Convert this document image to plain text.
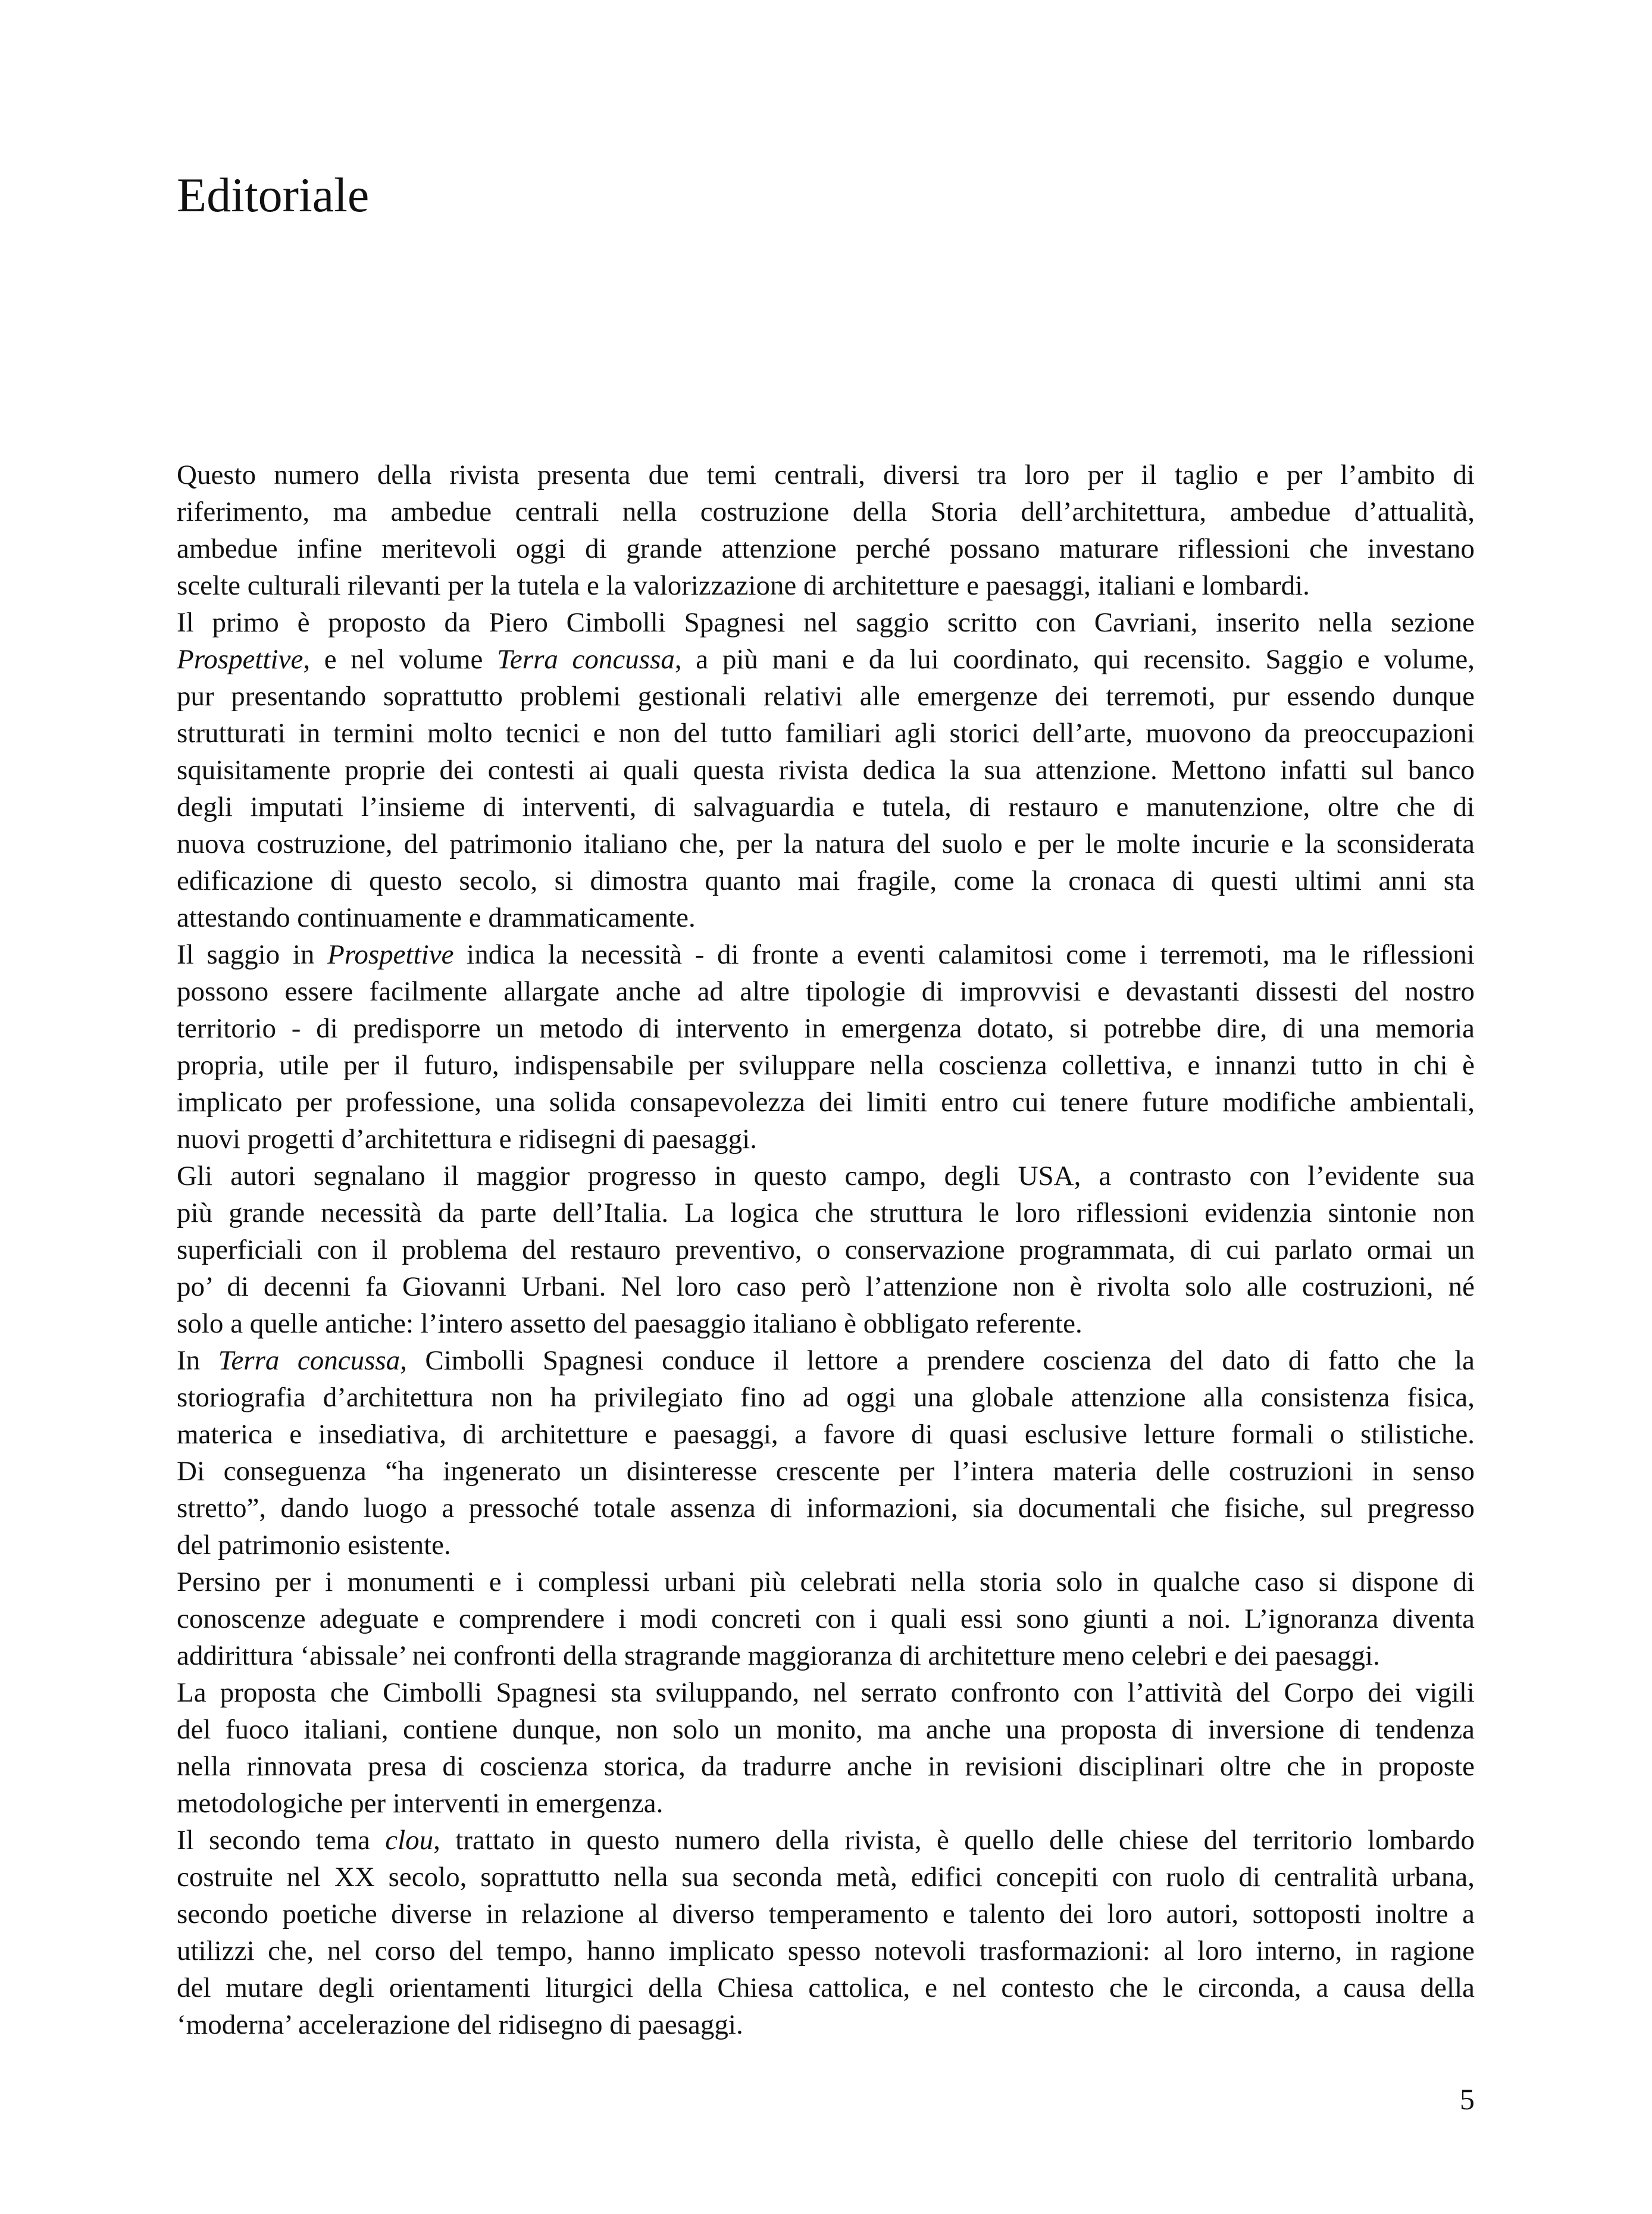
Editoriale
Questo numero della rivista presenta due temi centrali, diversi tra loro per il taglio e per l’ambito di
riferimento, ma ambedue centrali nella costruzione della Storia dell’architettura, ambedue d’attualità,
ambedue infine meritevoli oggi di grande attenzione perché possano maturare riflessioni che investano
scelte culturali rilevanti per la tutela e la valorizzazione di architetture e paesaggi, italiani e lombardi.
Il primo è proposto da Piero Cimbolli Spagnesi nel saggio scritto con Cavriani, inserito nella sezione
Prospettive, e nel volume Terra concussa, a più mani e da lui coordinato, qui recensito. Saggio e volume,
pur presentando soprattutto problemi gestionali relativi alle emergenze dei terremoti, pur essendo dunque
strutturati in termini molto tecnici e non del tutto familiari agli storici dell’arte, muovono da preoccupazioni
squisitamente proprie dei contesti ai quali questa rivista dedica la sua attenzione. Mettono infatti sul banco
degli imputati l’insieme di interventi, di salvaguardia e tutela, di restauro e manutenzione, oltre che di
nuova costruzione, del patrimonio italiano che, per la natura del suolo e per le molte incurie e la sconsiderata
edificazione di questo secolo, si dimostra quanto mai fragile, come la cronaca di questi ultimi anni sta
attestando continuamente e drammaticamente.
Il saggio in Prospettive indica la necessità - di fronte a eventi calamitosi come i terremoti, ma le riflessioni
possono essere facilmente allargate anche ad altre tipologie di improvvisi e devastanti dissesti del nostro
territorio - di predisporre un metodo di intervento in emergenza dotato, si potrebbe dire, di una memoria
propria, utile per il futuro, indispensabile per sviluppare nella coscienza collettiva, e innanzi tutto in chi è
implicato per professione, una solida consapevolezza dei limiti entro cui tenere future modifiche ambientali,
nuovi progetti d’architettura e ridisegni di paesaggi.
Gli autori segnalano il maggior progresso in questo campo, degli USA, a contrasto con l’evidente sua
più grande necessità da parte dell’Italia. La logica che struttura le loro riflessioni evidenzia sintonie non
superficiali con il problema del restauro preventivo, o conservazione programmata, di cui parlato ormai un
po’ di decenni fa Giovanni Urbani. Nel loro caso però l’attenzione non è rivolta solo alle costruzioni, né
solo a quelle antiche: l’intero assetto del paesaggio italiano è obbligato referente.
In Terra concussa, Cimbolli Spagnesi conduce il lettore a prendere coscienza del dato di fatto che la
storiografia d’architettura non ha privilegiato fino ad oggi una globale attenzione alla consistenza fisica,
materica e insediativa, di architetture e paesaggi, a favore di quasi esclusive letture formali o stilistiche.
Di conseguenza “ha ingenerato un disinteresse crescente per l’intera materia delle costruzioni in senso
stretto”, dando luogo a pressoché totale assenza di informazioni, sia documentali che fisiche, sul pregresso
del patrimonio esistente.
Persino per i monumenti e i complessi urbani più celebrati nella storia solo in qualche caso si dispone di
conoscenze adeguate e comprendere i modi concreti con i quali essi sono giunti a noi. L’ignoranza diventa
addirittura ‘abissale’ nei confronti della stragrande maggioranza di architetture meno celebri e dei paesaggi.
La proposta che Cimbolli Spagnesi sta sviluppando, nel serrato confronto con l’attività del Corpo dei vigili
del fuoco italiani, contiene dunque, non solo un monito, ma anche una proposta di inversione di tendenza
nella rinnovata presa di coscienza storica, da tradurre anche in revisioni disciplinari oltre che in proposte
metodologiche per interventi in emergenza.
Il secondo tema clou, trattato in questo numero della rivista, è quello delle chiese del territorio lombardo
costruite nel XX secolo, soprattutto nella sua seconda metà, edifici concepiti con ruolo di centralità urbana,
secondo poetiche diverse in relazione al diverso temperamento e talento dei loro autori, sottoposti inoltre a
utilizzi che, nel corso del tempo, hanno implicato spesso notevoli trasformazioni: al loro interno, in ragione
del mutare degli orientamenti liturgici della Chiesa cattolica, e nel contesto che le circonda, a causa della
‘moderna’ accelerazione del ridisegno di paesaggi.
5
